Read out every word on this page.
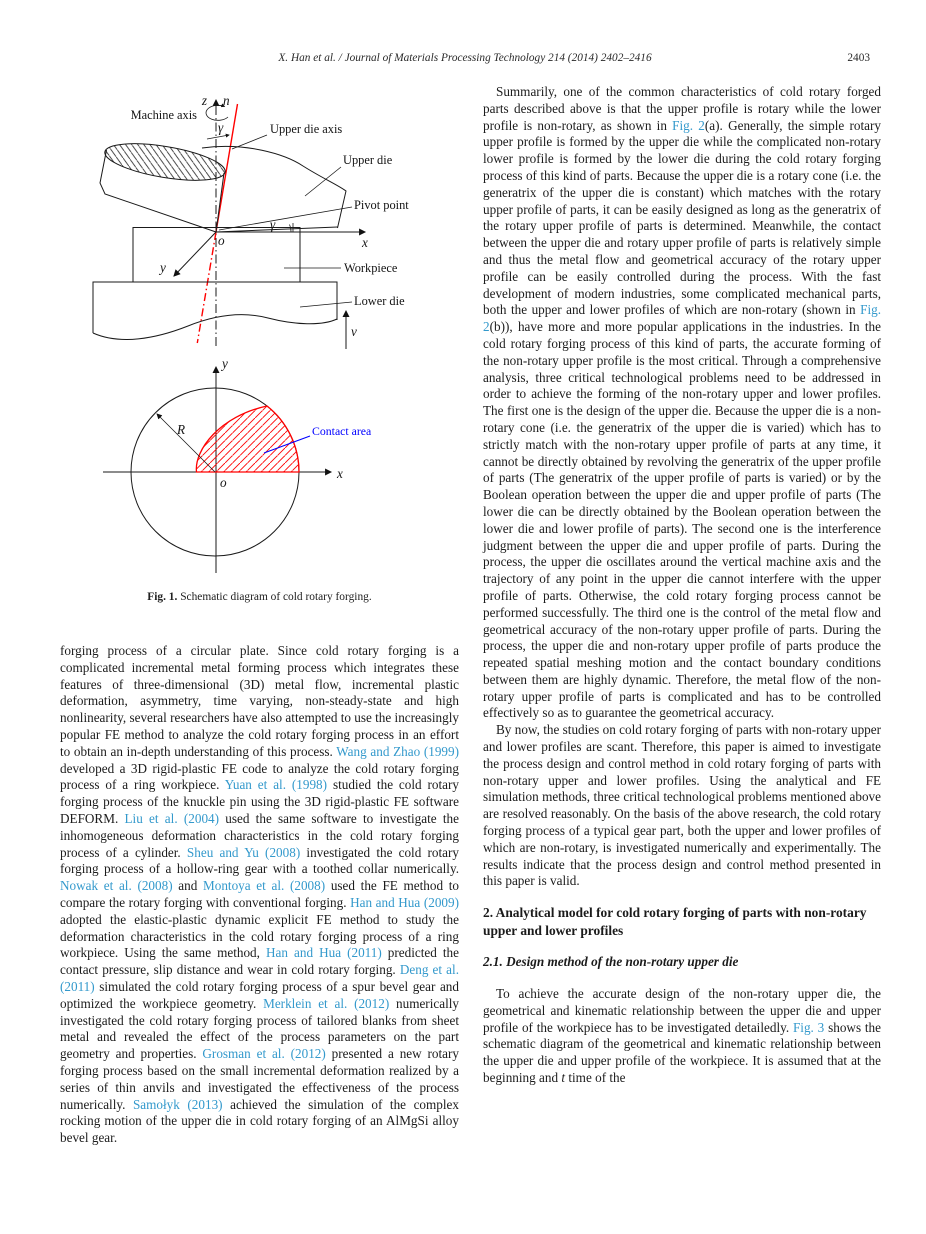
X. Han et al. / Journal of Materials Processing Technology 214 (2014) 2402–2416	2403
z n
Machine axis
γ	Upper die axis
Upper die
Pivot point
γ
x
y
o
Workpiece
Lower die
v
y
x
R
o
Contact area
Fig. 1. Schematic diagram of cold rotary forging.

forging process of a circular plate. Since cold rotary forging is a complicated incremental metal forming process which integrates these features of three-dimensional (3D) metal flow, incremental plastic deformation, asymmetry, time varying, non-steady-state and high nonlinearity, several researchers have also attempted to use the increasingly popular FE method to analyze the cold rotary forging process in an effort to obtain an in-depth understanding of this process. Wang and Zhao (1999) developed a 3D rigid-plastic FE code to analyze the cold rotary forging process of a ring workpiece. Yuan et al. (1998) studied the cold rotary forging process of the knuckle pin using the 3D rigid-plastic FE software DEFORM. Liu et al. (2004) used the same software to investigate the inhomogeneous deformation characteristics in the cold rotary forging process of a cylinder. Sheu and Yu (2008) investigated the cold rotary forging process of a hollow-ring gear with a toothed collar numerically. Nowak et al. (2008) and Montoya et al. (2008) used the FE method to compare the rotary forging with conventional forging. Han and Hua (2009) adopted the elastic-plastic dynamic explicit FE method to study the deformation characteristics in the cold rotary forging process of a ring workpiece. Using the same method, Han and Hua (2011) predicted the contact pressure, slip distance and wear in cold rotary forging. Deng et al. (2011) simulated the cold rotary forging process of a spur bevel gear and optimized the workpiece geometry. Merklein et al. (2012) numerically investigated the cold rotary forging process of tailored blanks from sheet metal and revealed the effect of the process parameters on the part geometry and properties. Grosman et al. (2012) presented a new rotary forging process based on the small incremental deformation realized by a series of thin anvils and investigated the effectiveness of the process numerically. Samołyk (2013) achieved the simulation of the complex rocking motion of the upper die in cold rotary forging of an AlMgSi alloy bevel gear.

Summarily, one of the common characteristics of cold rotary forged parts described above is that the upper profile is rotary while the lower profile is non-rotary, as shown in Fig. 2(a). Generally, the simple rotary upper profile is formed by the upper die while the complicated non-rotary lower profile is formed by the lower die during the cold rotary forging process of this kind of parts. Because the upper die is a rotary cone (i.e. the generatrix of the upper die is constant) which matches with the rotary upper profile of parts, it can be easily designed as long as the generatrix of the rotary upper profile of parts is determined. Meanwhile, the contact between the upper die and rotary upper profile of parts is relatively simple and thus the metal flow and geometrical accuracy of the rotary upper profile can be easily controlled during the process. With the fast development of modern industries, some complicated mechanical parts, both the upper and lower profiles of which are non-rotary (shown in Fig. 2(b)), have more and more popular applications in the industries. In the cold rotary forging process of this kind of parts, the accurate forming of the non-rotary upper profile is the most critical. Through a comprehensive analysis, three critical technological problems need to be addressed in order to achieve the forming of the non-rotary upper and lower profiles. The first one is the design of the upper die. Because the upper die is a non-rotary cone (i.e. the generatrix of the upper die is varied) which has to strictly match with the non-rotary upper profile of parts at any time, it cannot be directly obtained by revolving the generatrix of the upper profile of parts (The generatrix of the upper profile of parts is varied) or by the Boolean operation between the upper die and upper profile of parts (The lower die can be directly obtained by the Boolean operation between the lower die and lower profile of parts). The second one is the interference judgment between the upper die and upper profile of parts. During the process, the upper die oscillates around the vertical machine axis and the trajectory of any point in the upper die cannot interfere with the upper profile of parts. Otherwise, the cold rotary forging process cannot be performed successfully. The third one is the control of the metal flow and geometrical accuracy of the non-rotary upper profile of parts. During the process, the upper die and non-rotary upper profile of parts produce the repeated spatial meshing motion and the contact boundary conditions between them are highly dynamic. Therefore, the metal flow of the non-rotary upper profile of parts is complicated and has to be controlled effectively so as to guarantee the geometrical accuracy.

By now, the studies on cold rotary forging of parts with non-rotary upper and lower profiles are scant. Therefore, this paper is aimed to investigate the process design and control method in cold rotary forging of parts with non-rotary upper and lower profiles. Using the analytical and FE simulation methods, three critical technological problems mentioned above are resolved reasonably. On the basis of the above research, the cold rotary forging process of a typical gear part, both the upper and lower profiles of which are non-rotary, is investigated numerically and experimentally. The results indicate that the process design and control method presented in this paper is valid.

2. Analytical model for cold rotary forging of parts with non-rotary upper and lower profiles
2.1. Design method of the non-rotary upper die

To achieve the accurate design of the non-rotary upper die, the geometrical and kinematic relationship between the upper die and upper profile of the workpiece has to be investigated detailedly. Fig. 3 shows the schematic diagram of the geometrical and kinematic relationship between the upper die and upper profile of the workpiece. It is assumed that at the beginning and t time of the
